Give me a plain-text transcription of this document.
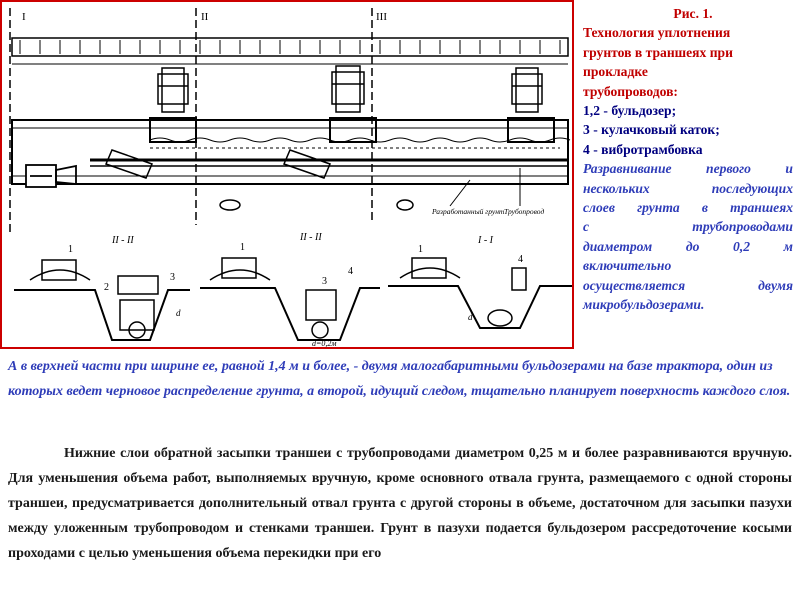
I	II	III
Разработанный грунт Трубопровод
II - II
1
2
3
d
II - II
1
3
4
d=0,2м
I - I
1
4
d
Рис. 1.
Технология уплотнения
грунтов в траншеях при
прокладке
трубопроводов:
1,2 - бульдозер;
3 - кулачковый каток;
4 - вибротрамбовка
Разравнивание первого и
нескольких последующих
слоев грунта в траншеях
с трубопроводами
диаметром до 0,2 м
включительно
осуществляется двумя
микробульдозерами.
А в верхней части при ширине ее, равной 1,4 м и более, - двумя малогабаритными бульдозерами на базе трактора, один из которых ведет черновое распределение грунта, а второй, идущий следом, тщательно планирует поверхность каждого слоя.
Нижние слои обратной засыпки траншеи с трубопроводами диаметром 0,25 м и более разравниваются вручную. Для уменьшения объема работ, выполняемых вручную, кроме основного отвала грунта, размещаемого с одной стороны траншеи, предусматривается дополнительный отвал грунта с другой стороны в объеме, достаточном для засыпки пазухи между уложенным трубопроводом и стенками траншеи. Грунт в пазухи подается бульдозером рассредоточение косыми проходами с целью уменьшения объема перекидки при его
